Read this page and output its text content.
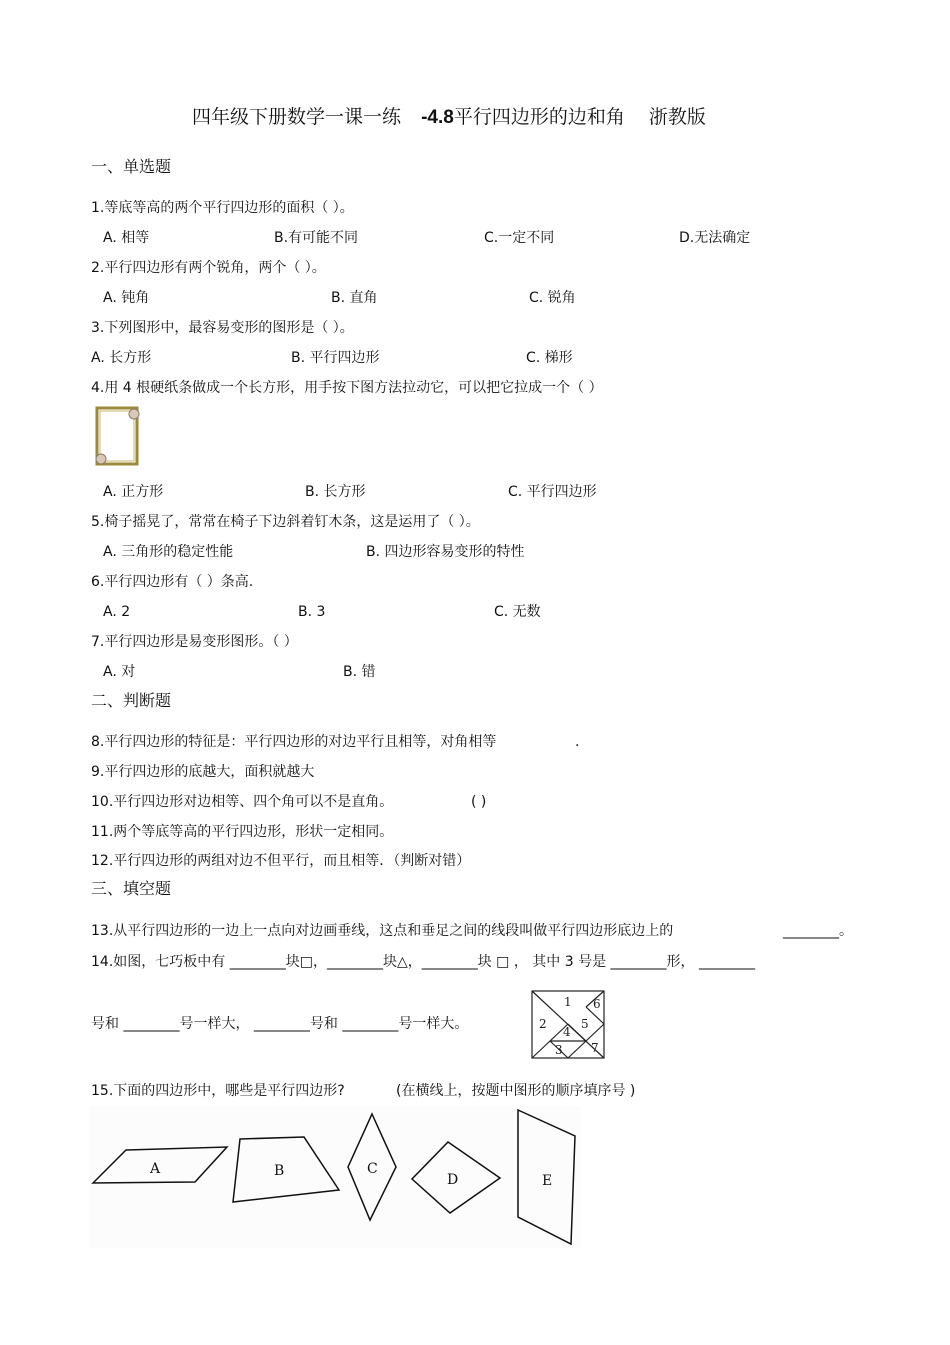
四年级下册数学一课一练 -4.8平行四边形的边和角 浙教版
一、单选题
1.等底等高的两个平行四边形的面积（ ）。
A. 相等	B.有可能不同	C.一定不同	D.无法确定
2.平行四边形有两个锐角，两个（ ）。
A. 钝角	B. 直角	C. 锐角
3.下列图形中，最容易变形的图形是（ ）。
A. 长方形	B. 平行四边形	C. 梯形
4.用 4 根硬纸条做成一个长方形，用手按下图方法拉动它，可以把它拉成一个（ ）
A. 正方形	B. 长方形	C. 平行四边形
5.椅子摇晃了，常常在椅子下边斜着钉木条，这是运用了（ ）。
A. 三角形的稳定性能	B. 四边形容易变形的特性
6.平行四边形有（ ）条高.
A. 2	B. 3	C. 无数
7.平行四边形是易变形图形。（ ）
A. 对	B. 错
二、判断题
8.平行四边形的特征是：平行四边形的对边平行且相等，对角相等	.
9.平行四边形的底越大，面积就越大
10.平行四边形对边相等、四个角可以不是直角。	( )
11.两个等底等高的平行四边形，形状一定相同。
12.平行四边形的两组对边不但平行，而且相等．（判断对错）
三、填空题
13.从平行四边形的一边上一点向对边画垂线，这点和垂足之间的线段叫做平行四边形底边上的	________。
14.如图，七巧板中有 ________块□，________块△，________块 □ ， 其中 3 号是 ________形， ________
号和 ________号一样大， ________号和 ________号一样大。
1 6
2
4
5
3 7
15.下面的四边形中，哪些是平行四边形?	(在横线上，按题中图形的顺序填序号 )
A	B	C
D	E
